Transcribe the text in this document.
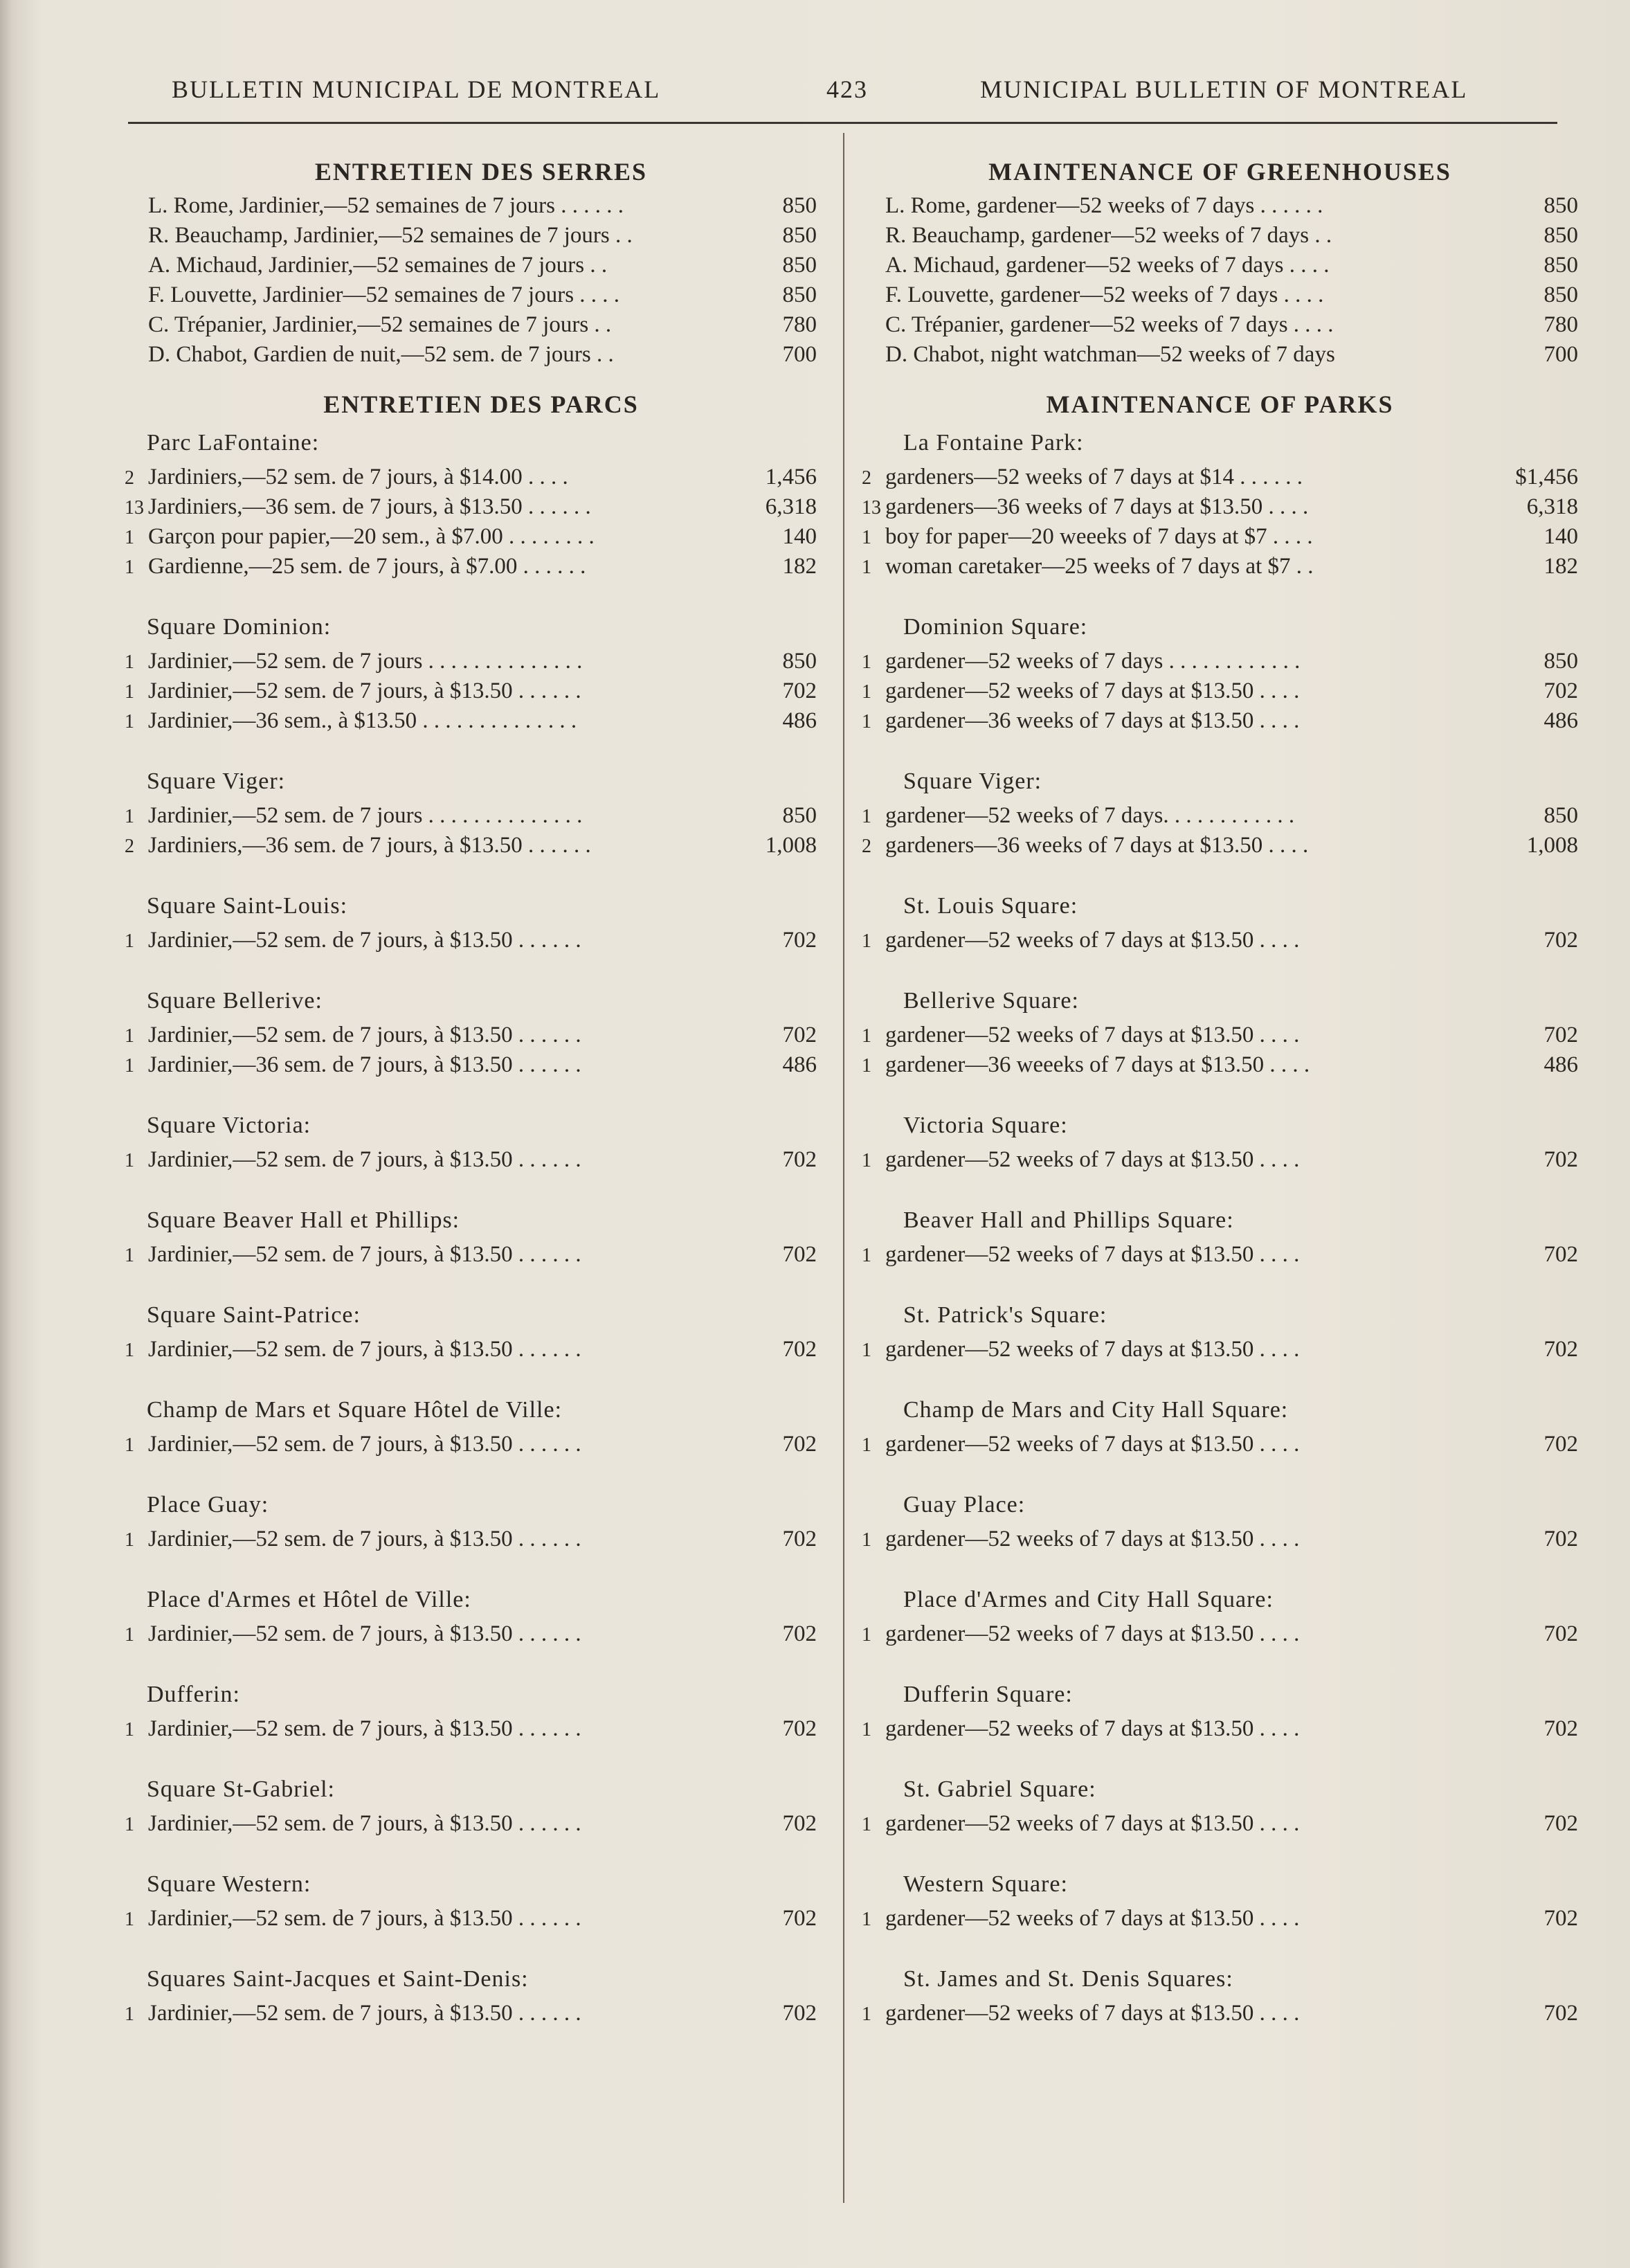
BULLETIN MUNICIPAL DE MONTREAL	423	MUNICIPAL BULLETIN OF MONTREAL
ENTRETIEN DES SERRES
L. Rome, Jardinier,—52 semaines de 7 jours . . . . . .	850
R. Beauchamp, Jardinier,—52 semaines de 7 jours . .	850
A. Michaud, Jardinier,—52 semaines de 7 jours . .	850
F. Louvette, Jardinier—52 semaines de 7 jours . . . .	850
C. Trépanier, Jardinier,—52 semaines de 7 jours . .	780
D. Chabot, Gardien de nuit,—52 sem. de 7 jours . .	700
ENTRETIEN DES PARCS
Parc LaFontaine:
2 Jardiniers,—52 sem. de 7 jours, à $14.00 . . . .	1,456
13 Jardiniers,—36 sem. de 7 jours, à $13.50 . . . . . .	6,318
1 Garçon pour papier,—20 sem., à $7.00 . . . . . . . .	140
1 Gardienne,—25 sem. de 7 jours, à $7.00 . . . . . .	182
Square Dominion:
1 Jardinier,—52 sem. de 7 jours . . . . . . . . . . . . . .	850
1 Jardinier,—52 sem. de 7 jours, à $13.50 . . . . . .	702
1 Jardinier,—36 sem., à $13.50 . . . . . . . . . . . . . .	486
Square Viger:
1 Jardinier,—52 sem. de 7 jours . . . . . . . . . . . . . .	850
2 Jardiniers,—36 sem. de 7 jours, à $13.50 . . . . . .	1,008
Square Saint-Louis:
1 Jardinier,—52 sem. de 7 jours, à $13.50 . . . . . .	702
Square Bellerive:
1 Jardinier,—52 sem. de 7 jours, à $13.50 . . . . . .	702
1 Jardinier,—36 sem. de 7 jours, à $13.50 . . . . . .	486
Square Victoria:
1 Jardinier,—52 sem. de 7 jours, à $13.50 . . . . . .	702
Square Beaver Hall et Phillips:
1 Jardinier,—52 sem. de 7 jours, à $13.50 . . . . . .	702
Square Saint-Patrice:
1 Jardinier,—52 sem. de 7 jours, à $13.50 . . . . . .	702
Champ de Mars et Square Hôtel de Ville:
1 Jardinier,—52 sem. de 7 jours, à $13.50 . . . . . .	702
Place Guay:
1 Jardinier,—52 sem. de 7 jours, à $13.50 . . . . . .	702
Place d'Armes et Hôtel de Ville:
1 Jardinier,—52 sem. de 7 jours, à $13.50 . . . . . .	702
Dufferin:
1 Jardinier,—52 sem. de 7 jours, à $13.50 . . . . . .	702
Square St-Gabriel:
1 Jardinier,—52 sem. de 7 jours, à $13.50 . . . . . .	702
Square Western:
1 Jardinier,—52 sem. de 7 jours, à $13.50 . . . . . .	702
Squares Saint-Jacques et Saint-Denis:
1 Jardinier,—52 sem. de 7 jours, à $13.50 . . . . . .	702
MAINTENANCE OF GREENHOUSES
L. Rome, gardener—52 weeks of 7 days . . . . . .	850
R. Beauchamp, gardener—52 weeks of 7 days . .	850
A. Michaud, gardener—52 weeks of 7 days . . . .	850
F. Louvette, gardener—52 weeks of 7 days . . . .	850
C. Trépanier, gardener—52 weeks of 7 days . . . .	780
D. Chabot, night watchman—52 weeks of 7 days	700
MAINTENANCE OF PARKS
La Fontaine Park:
2 gardeners—52 weeks of 7 days at $14 . . . . . .	$1,456
13 gardeners—36 weeks of 7 days at $13.50 . . . .	6,318
1 boy for paper—20 weeeks of 7 days at $7 . . . .	140
1 woman caretaker—25 weeks of 7 days at $7 . .	182
Dominion Square:
1 gardener—52 weeks of 7 days . . . . . . . . . . . .	850
1 gardener—52 weeks of 7 days at $13.50 . . . .	702
1 gardener—36 weeks of 7 days at $13.50 . . . .	486
Square Viger:
1 gardener—52 weeks of 7 days. . . . . . . . . . . .	850
2 gardeners—36 weeks of 7 days at $13.50 . . . .	1,008
St. Louis Square:
1 gardener—52 weeks of 7 days at $13.50 . . . .	702
Bellerive Square:
1 gardener—52 weeks of 7 days at $13.50 . . . .	702
1 gardener—36 weeeks of 7 days at $13.50 . . . .	486
Victoria Square:
1 gardener—52 weeks of 7 days at $13.50 . . . .	702
Beaver Hall and Phillips Square:
1 gardener—52 weeks of 7 days at $13.50 . . . .	702
St. Patrick's Square:
1 gardener—52 weeks of 7 days at $13.50 . . . .	702
Champ de Mars and City Hall Square:
1 gardener—52 weeks of 7 days at $13.50 . . . .	702
Guay Place:
1 gardener—52 weeks of 7 days at $13.50 . . . .	702
Place d'Armes and City Hall Square:
1 gardener—52 weeks of 7 days at $13.50 . . . .	702
Dufferin Square:
1 gardener—52 weeks of 7 days at $13.50 . . . .	702
St. Gabriel Square:
1 gardener—52 weeks of 7 days at $13.50 . . . .	702
Western Square:
1 gardener—52 weeks of 7 days at $13.50 . . . .	702
St. James and St. Denis Squares:
1 gardener—52 weeks of 7 days at $13.50 . . . .	702
